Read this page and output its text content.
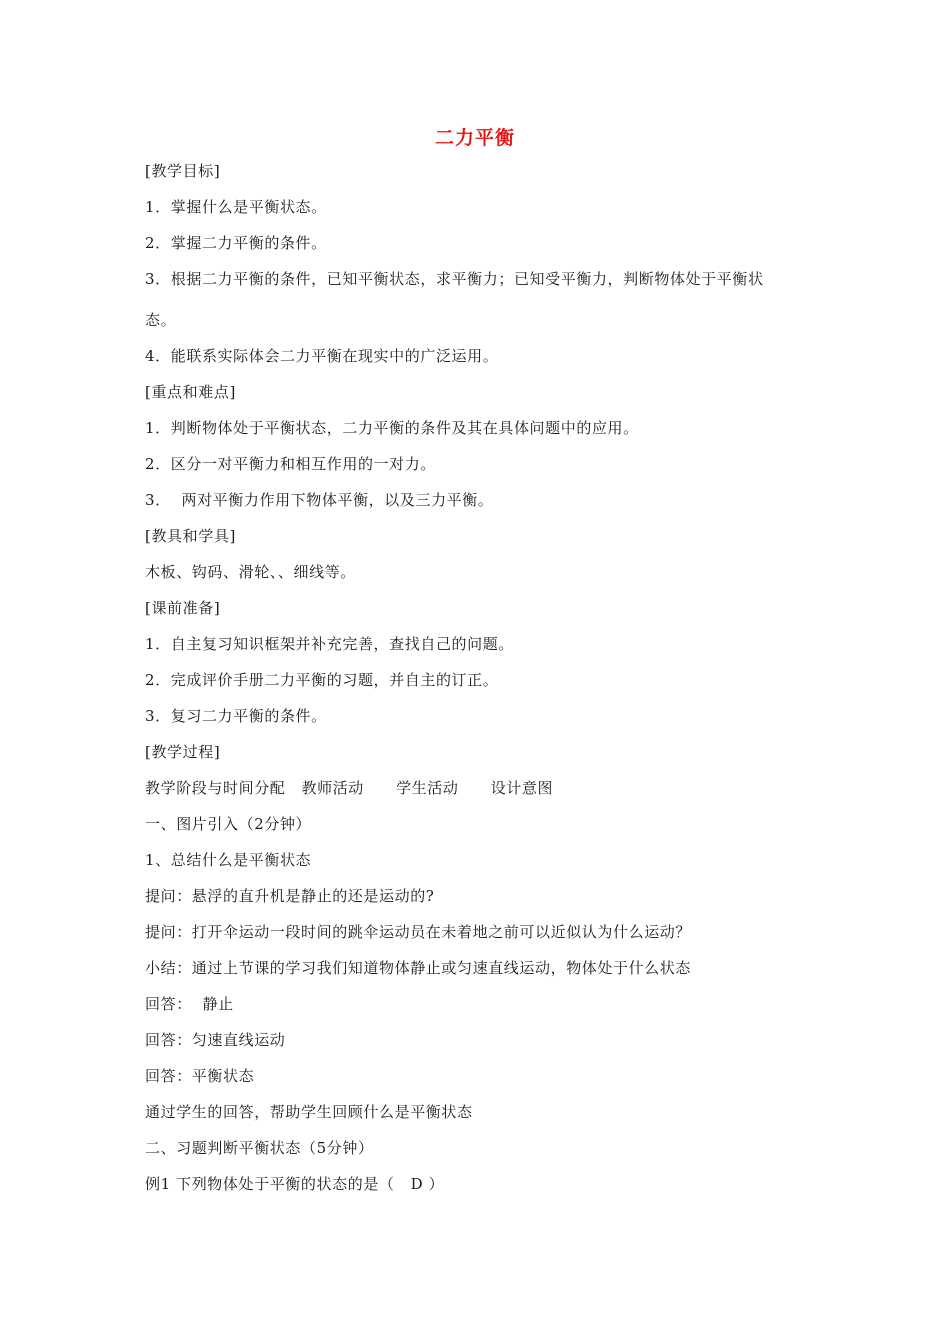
二力平衡
[教学目标]
1．掌握什么是平衡状态。
2．掌握二力平衡的条件。
3．根据二力平衡的条件，已知平衡状态，求平衡力；已知受平衡力，判断物体处于平衡状
态。
4．能联系实际体会二力平衡在现实中的广泛运用。
[重点和难点]
1．判断物体处于平衡状态，二力平衡的条件及其在具体问题中的应用。
2．区分一对平衡力和相互作用的一对力。
3．  两对平衡力作用下物体平衡，以及三力平衡。
[教具和学具]
木板、钩码、滑轮、、细线等。
[课前准备]
1．自主复习知识框架并补充完善，查找自己的问题。
2．完成评价手册二力平衡的习题，并自主的订正。
3．复习二力平衡的条件。
[教学过程]
教学阶段与时间分配   教师活动      学生活动      设计意图
一、图片引入（2分钟）
1、总结什么是平衡状态
提问：悬浮的直升机是静止的还是运动的?
提问：打开伞运动一段时间的跳伞运动员在未着地之前可以近似认为什么运动？
小结：通过上节课的学习我们知道物体静止或匀速直线运动，物体处于什么状态
回答：  静止
回答：匀速直线运动
回答：平衡状态
通过学生的回答，帮助学生回顾什么是平衡状态
二、习题判断平衡状态（5分钟）
例1 下列物体处于平衡的状态的是（   D ）
